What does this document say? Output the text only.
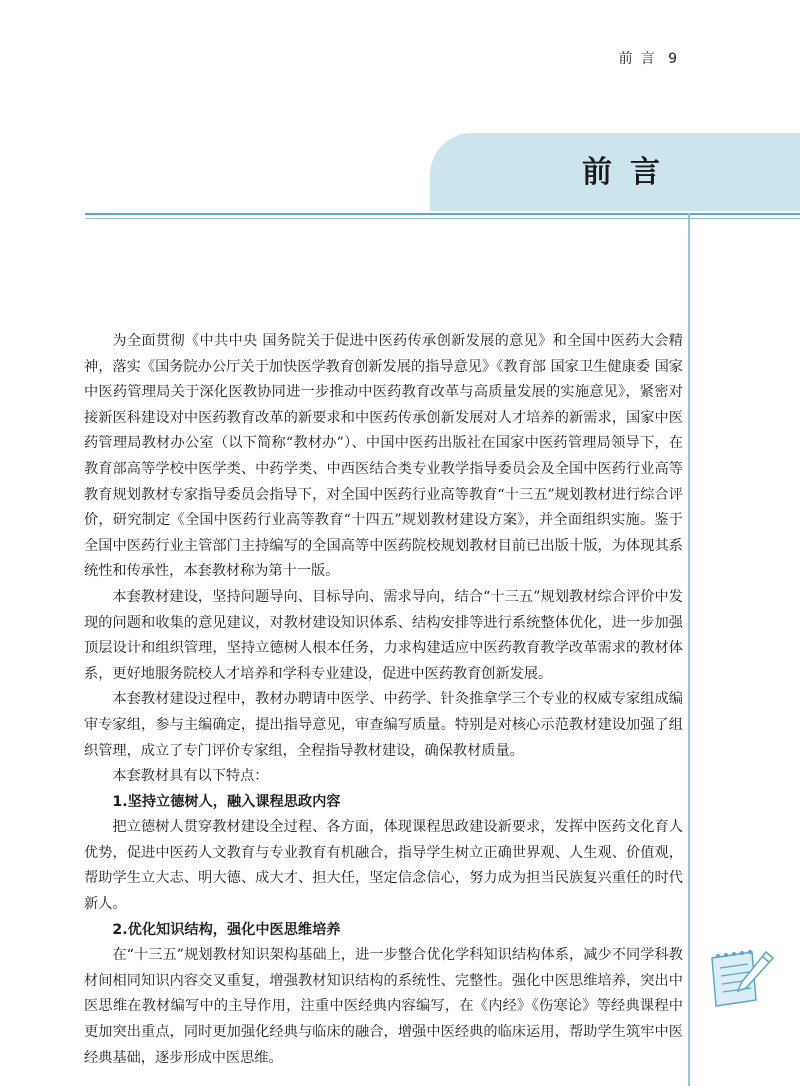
前言 9
前言

为全面贯彻《中共中央 国务院关于促进中医药传承创新发展的意见》和全国中医药大会精神，落实《国务院办公厅关于加快医学教育创新发展的指导意见》《教育部 国家卫生健康委 国家中医药管理局关于深化医教协同进一步推动中医药教育改革与高质量发展的实施意见》，紧密对接新医科建设对中医药教育改革的新要求和中医药传承创新发展对人才培养的新需求，国家中医药管理局教材办公室（以下简称“教材办”）、中国中医药出版社在国家中医药管理局领导下，在教育部高等学校中医学类、中药学类、中西医结合类专业教学指导委员会及全国中医药行业高等教育规划教材专家指导委员会指导下，对全国中医药行业高等教育“十三五”规划教材进行综合评价，研究制定《全国中医药行业高等教育“十四五”规划教材建设方案》，并全面组织实施。鉴于全国中医药行业主管部门主持编写的全国高等中医药院校规划教材目前已出版十版，为体现其系统性和传承性，本套教材称为第十一版。

本套教材建设，坚持问题导向、目标导向、需求导向，结合“十三五”规划教材综合评价中发现的问题和收集的意见建议，对教材建设知识体系、结构安排等进行系统整体优化，进一步加强顶层设计和组织管理，坚持立德树人根本任务，力求构建适应中医药教育教学改革需求的教材体系，更好地服务院校人才培养和学科专业建设，促进中医药教育创新发展。

本套教材建设过程中，教材办聘请中医学、中药学、针灸推拿学三个专业的权威专家组成编审专家组，参与主编确定，提出指导意见，审查编写质量。特别是对核心示范教材建设加强了组织管理，成立了专门评价专家组，全程指导教材建设，确保教材质量。

本套教材具有以下特点：

1.坚持立德树人，融入课程思政内容

把立德树人贯穿教材建设全过程、各方面，体现课程思政建设新要求，发挥中医药文化育人优势，促进中医药人文教育与专业教育有机融合，指导学生树立正确世界观、人生观、价值观，帮助学生立大志、明大德、成大才、担大任，坚定信念信心，努力成为担当民族复兴重任的时代新人。

2.优化知识结构，强化中医思维培养

在“十三五”规划教材知识架构基础上，进一步整合优化学科知识结构体系，减少不同学科教材间相同知识内容交叉重复，增强教材知识结构的系统性、完整性。强化中医思维培养，突出中医思维在教材编写中的主导作用，注重中医经典内容编写，在《内经》《伤寒论》等经典课程中更加突出重点，同时更加强化经典与临床的融合，增强中医经典的临床运用，帮助学生筑牢中医经典基础，逐步形成中医思维。
